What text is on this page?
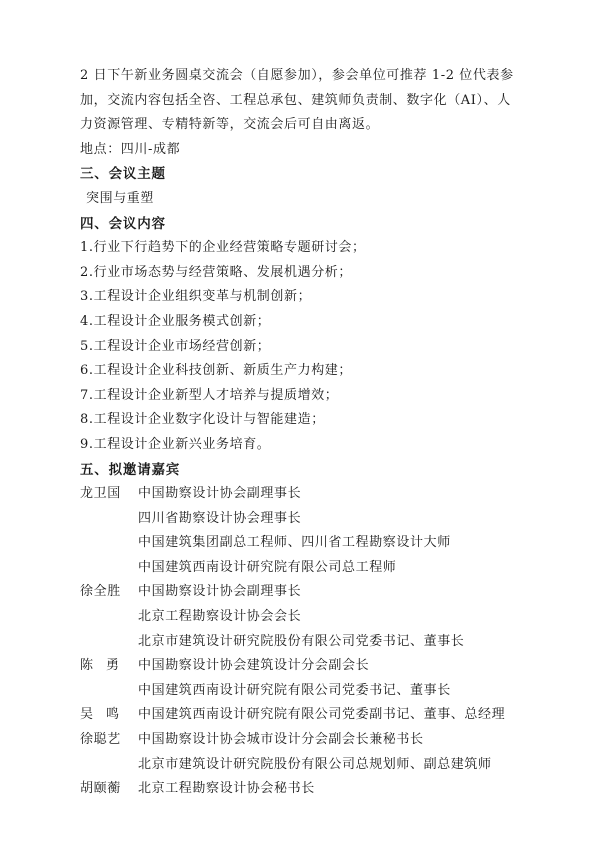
2 日下午新业务圆桌交流会（自愿参加），参会单位可推荐 1-2 位代表参
加，交流内容包括全咨、工程总承包、建筑师负责制、数字化（AI）、人
力资源管理、专精特新等，交流会后可自由离返。

地点：四川-成都

三、会议主题

突围与重塑

四、会议内容

1.行业下行趋势下的企业经营策略专题研讨会；

2.行业市场态势与经营策略、发展机遇分析；

3.工程设计企业组织变革与机制创新；

4.工程设计企业服务模式创新；

5.工程设计企业市场经营创新；

6.工程设计企业科技创新、新质生产力构建；

7.工程设计企业新型人才培养与提质增效；

8.工程设计企业数字化设计与智能建造；

9.工程设计企业新兴业务培育。

五、拟邀请嘉宾

龙卫国	中国勘察设计协会副理事长
四川省勘察设计协会理事长
中国建筑集团副总工程师、四川省工程勘察设计大师
中国建筑西南设计研究院有限公司总工程师
徐全胜	中国勘察设计协会副理事长
北京工程勘察设计协会会长
北京市建筑设计研究院股份有限公司党委书记、董事长
陈勇 中国勘察设计协会建筑设计分会副会长
中国建筑西南设计研究院有限公司党委书记、董事长
吴鸣 中国建筑西南设计研究院有限公司党委副书记、董事、总经理
徐聪艺	中国勘察设计协会城市设计分会副会长兼秘书长
北京市建筑设计研究院股份有限公司总规划师、副总建筑师
胡颐蘅	北京工程勘察设计协会秘书长
